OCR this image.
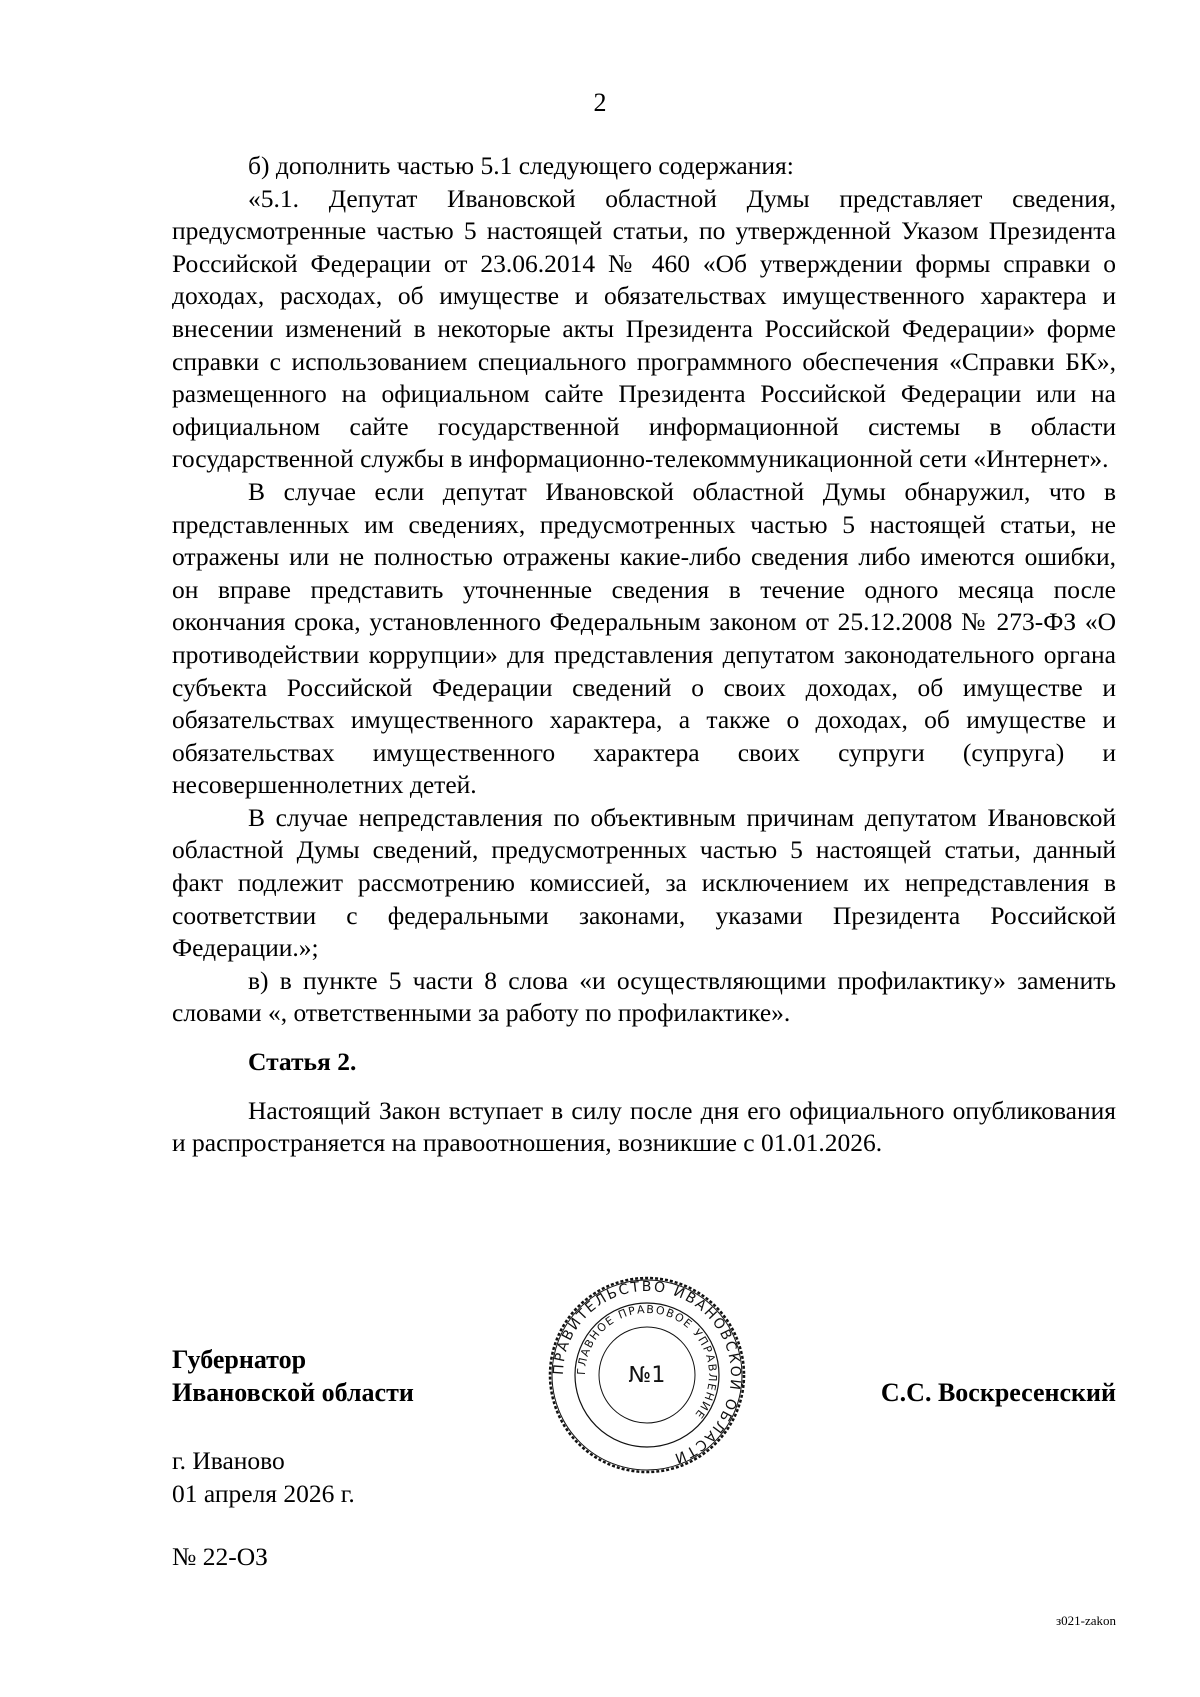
2

б) дополнить частью 5.1 следующего содержания:

«5.1. Депутат Ивановской областной Думы представляет сведения, предусмотренные частью 5 настоящей статьи, по утвержденной Указом Президента Российской Федерации от 23.06.2014 № 460 «Об утверждении формы справки о доходах, расходах, об имуществе и обязательствах имущественного характера и внесении изменений в некоторые акты Президента Российской Федерации» форме справки с использованием специального программного обеспечения «Справки БК», размещенного на официальном сайте Президента Российской Федерации или на официальном сайте государственной информационной системы в области государственной службы в информационно-телекоммуникационной сети «Интернет».

В случае если депутат Ивановской областной Думы обнаружил, что в представленных им сведениях, предусмотренных частью 5 настоящей статьи, не отражены или не полностью отражены какие-либо сведения либо имеются ошибки, он вправе представить уточненные сведения в течение одного месяца после окончания срока, установленного Федеральным законом от 25.12.2008 № 273-ФЗ «О противодействии коррупции» для представления депутатом законодательного органа субъекта Российской Федерации сведений о своих доходах, об имуществе и обязательствах имущественного характера, а также о доходах, об имуществе и обязательствах имущественного характера своих супруги (супруга) и несовершеннолетних детей.

В случае непредставления по объективным причинам депутатом Ивановской областной Думы сведений, предусмотренных частью 5 настоящей статьи, данный факт подлежит рассмотрению комиссией, за исключением их непредставления в соответствии с федеральными законами, указами Президента Российской Федерации.»;

в) в пункте 5 части 8 слова «и осуществляющими профилактику» заменить словами «, ответственными за работу по профилактике».

Статья 2.

Настоящий Закон вступает в силу после дня его официального опубликования и распространяется на правоотношения, возникшие с 01.01.2026.

Губернатор
Ивановской области
ПРАВИТЕЛЬСТВО ИВАНОВСКОЙ ОБЛАСТИ
ГЛАВНОЕ ПРАВОВОЕ УПРАВЛЕНИЕ
№1
С.С. Воскресенский
г. Иваново
01 апреля 2026 г.
№ 22-ОЗ
з021-zakon
